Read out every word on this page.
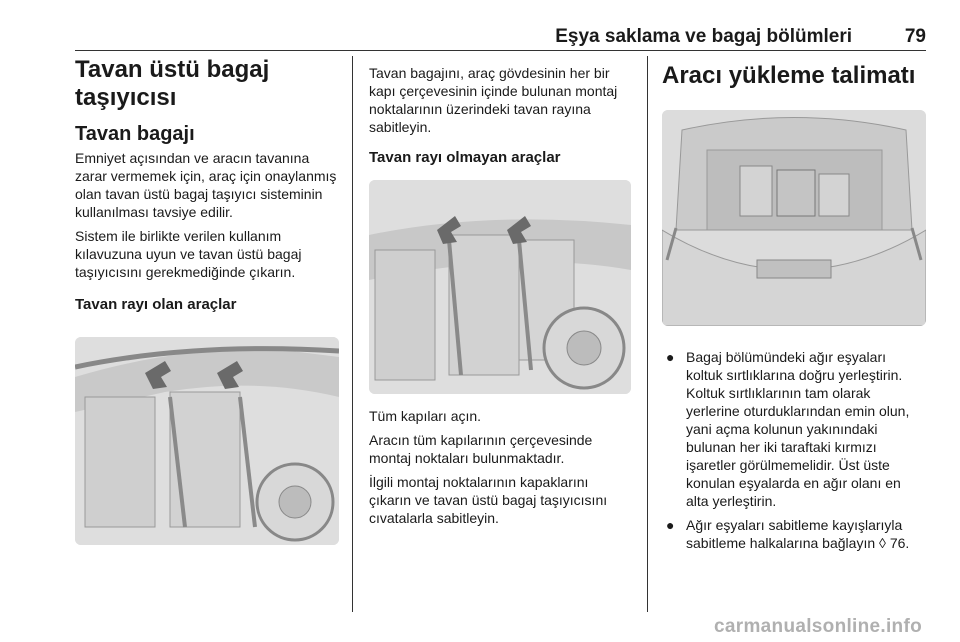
Eşya saklama ve bagaj bölümleri	79
Tavan üstü bagaj taşıyıcısı
Tavan bagajı

Emniyet açısından ve aracın tavanına zarar vermemek için, araç için onaylanmış olan tavan üstü bagaj taşıyıcı sisteminin kullanılması tavsiye edilir.

Sistem ile birlikte verilen kullanım kılavuzuna uyun ve tavan üstü bagaj taşıyıcısını gerekmediğinde çıkarın.

Tavan rayı olan araçlar

Tavan bagajını, araç gövdesinin her bir kapı çerçevesinin içinde bulunan montaj noktalarının üzerindeki tavan rayına sabitleyin.

Tavan rayı olmayan araçlar

Tüm kapıları açın.

Aracın tüm kapılarının çerçevesinde montaj noktaları bulunmaktadır.

İlgili montaj noktalarının kapaklarını çıkarın ve tavan üstü bagaj taşıyıcısını cıvatalarla sabitleyin.

Aracı yükleme talimatı
● Bagaj bölümündeki ağır eşyaları koltuk sırtlıklarına doğru yerleştirin. Koltuk sırtlıklarının tam olarak yerlerine oturduklarından emin olun, yani açma kolunun yakınındaki bulunan her iki taraftaki kırmızı işaretler görülmemelidir. Üst üste konulan eşyalarda en ağır olanı en alta yerleştirin.
● Ağır eşyaları sabitleme kayışlarıyla sabitleme halkalarına bağlayın ◊ 76.
carmanualsonline.info
